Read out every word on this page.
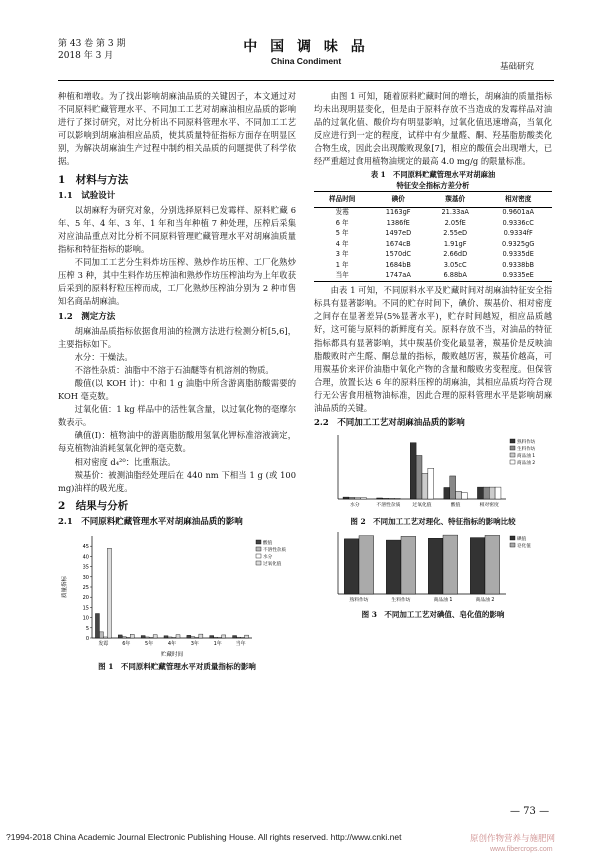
第 43 卷 第 3 期
2018 年 3 月
中 国 调 味 品
China Condiment
基础研究

种植和增收。为了找出影响胡麻油品质的关键因子，本文通过对不同原料贮藏管理水平、不同加工工艺对胡麻油相应品质的影响进行了探讨研究，对比分析出不同原料管理水平、不同加工工艺可以影响到胡麻油相应品质，使其质量特征指标方面存在明显区别，为解决胡麻油生产过程中制约相关品质的问题提供了科学依据。

1　材料与方法
1.1　试验设计

以胡麻籽为研究对象，分别选择原料已发霉样、原料贮藏 6 年、5 年、4 年、3 年、1 年和当年种植 7 种处理，压榨后采集对应油品重点对比分析不同原料管理贮藏管理水平对胡麻油质量指标和特征指标的影响。

不同加工工艺分生料炸坊压榨、熟炒作坊压榨、工厂化熟炒压榨 3 种，其中生料作坊压榨油和熟炒作坊压榨油均为上年收获后采到的原料籽粒压榨而成，工厂化熟炒压榨油分别为 2 种市售知名商品胡麻油。

1.2　测定方法

胡麻油品质指标依据食用油的检测方法进行检测分析[5,6]，主要指标如下。

水分：干燥法。

不溶性杂质：油脂中不溶于石油醚等有机溶剂的物质。

酸值(以 KOH 计)：中和 1 g 油脂中所含游离脂肪酸需要的 KOH 毫克数。

过氧化值：1 kg 样品中的活性氧含量，以过氧化物的毫摩尔数表示。

碘值(I)：植物油中的游离脂肪酸用氢氧化钾标准溶液滴定，每克植物油消耗氢氧化钾的毫克数。

相对密度 d₄²⁰：比重瓶法。

羰基价：被测油脂经处理后在 440 nm 下相当 1 g (或 100 mg)油样的吸光度。

2　结果与分析
2.1　不同原料贮藏管理水平对胡麻油品质的影响
0
5
10
15
20
25
30
35
40
45
发霉	6年	5年	4年	3年	1年	当年
酸值
不溶性杂质
水分
过氧化值
质量指标
贮藏时间
图 1　不同原料贮藏管理水平对质量指标的影响

由图 1 可知，随着原料贮藏时间的增长，胡麻油的质量指标均未出现明显变化，但是由于原料存放不当造成的发霉样品对油品的过氧化值、酸价均有明显影响，过氧化值迅速增高，当氧化反应进行到一定的程度，试样中有少量醛、酮、羟基脂肪酸类化合物生成，因此会出现酸败现象[7]，相应的酸值会出现增大，已经严重超过食用植物油规定的最高 4.0 mg/g 的限量标准。

表 1　不同原料贮藏管理水平对胡麻油
特征安全指标方差分析
样品时间	碘价	羰基价	相对密度
发霉	1163gF	21.33aA	0.9601aA
6 年	1386fE	2.05fE	0.9336cC
5 年	1497eD	2.55eD	0.9334fF
4 年	1674cB	1.91gF	0.9325gG
3 年	1570dC	2.66dD	0.9335dE
1 年	1684bB	3.05cC	0.9338bB
当年	1747aA	6.88bA	0.9335eE

由表 1 可知，不同原料水平及贮藏时间对胡麻油特征安全指标具有显著影响。不同的贮存时间下，碘价、羰基价、相对密度之间存在显著差异(5%显著水平)，贮存时间越短，相应品质越好，这可能与原料的新鲜度有关。原料存放不当，对油品的特征指标都具有显著影响，其中羰基价变化最显著，羰基价是反映油脂酸败时产生醛、酮总量的指标，酸败越厉害，羰基价越高，可用羰基价来评价油脂中氧化产物的含量和酸败劣变程度。但保管合理，放置长达 6 年的原料压榨的胡麻油，其相应品质均符合现行无公害食用植物油标准，因此合理的原料管理水平是影响胡麻油品质的关键。

2.2　不同加工工艺对胡麻油品质的影响
水分	不溶性杂质 过氧化值	酸值	相对密度
熟料作坊
生料作坊
商品油 1
商品油 2
图 2　不同加工工艺对理化、特征指标的影响比较
熟料作坊	生料作坊	商品油 1	商品油 2
碘值
皂化值
图 3　不同加工工艺对碘值、皂化值的影响
— 73 —
?1994-2018 China Academic Journal Electronic Publishing House. All rights reserved. http://www.cnki.net	原创作物营养与施肥网
www.fibercrops.com
